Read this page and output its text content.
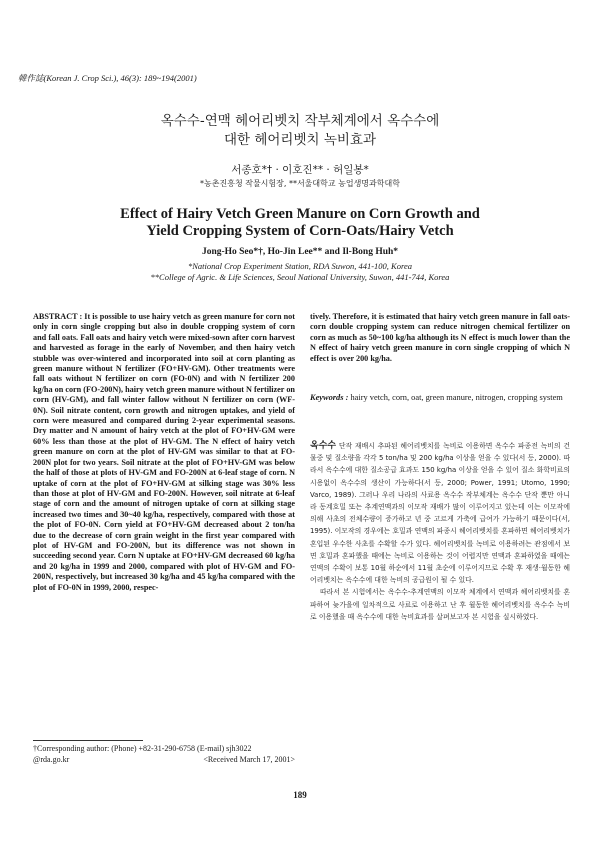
韓作誌(Korean J. Crop Sci.), 46(3): 189~194(2001)
옥수수-연맥 헤어리벳치 작부체계에서 옥수수에
대한 헤어리벳치 녹비효과
서종호*† · 이호진** · 허일봉*
*농촌진흥청 작물시험장, **서울대학교 농업생명과학대학
Effect of Hairy Vetch Green Manure on Corn Growth and
Yield Cropping System of Corn-Oats/Hairy Vetch
Jong-Ho Seo*†, Ho-Jin Lee** and Il-Bong Huh*
*National Crop Experiment Station, RDA Suwon, 441-100, Korea
**College of Agric. & Life Sciences, Seoul National University, Suwon, 441-744, Korea

ABSTRACT : It is possible to use hairy vetch as green manure for corn not only in corn single cropping but also in double cropping system of corn and fall oats. Fall oats and hairy vetch were mixed-sown after corn harvest and harvested as forage in the early of November, and then hairy vetch stubble was over-wintered and incorporated into soil at corn planting as green manure without N fertilizer (FO+HV-GM). Other treatments were fall oats without N fertilizer on corn (FO-0N) and with N fertilizer 200 kg/ha on corn (FO-200N), hairy vetch green manure without N fertilizer on corn (HV-GM), and fall winter fallow without N fertilizer on corn (WF-0N). Soil nitrate content, corn growth and nitrogen uptakes, and yield of corn were measured and compared during 2-year experimental seasons. Dry matter and N amount of hairy vetch at the plot of FO+HV-GM were 60% less than those at the plot of HV-GM. The N effect of hairy vetch green manure on corn at the plot of HV-GM was similar to that at FO-200N plot for two years. Soil nitrate at the plot of FO+HV-GM was below the half of those at plots of HV-GM and FO-200N at 6-leaf stage of corn. N uptake of corn at the plot of FO+HV-GM at silking stage was 30% less than those at plot of HV-GM and FO-200N. However, soil nitrate at 6-leaf stage of corn and the amount of nitrogen uptake of corn at silking stage increased two times and 30~40 kg/ha, respectively, compared with those at the plot of FO-0N. Corn yield at FO+HV-GM decreased about 2 ton/ha due to the decrease of corn grain weight in the first year compared with plot of HV-GM and FO-200N, but its difference was not shown in succeeding second year. Corn N uptake at FO+HV-GM decreased 60 kg/ha and 20 kg/ha in 1999 and 2000, compared with plot of HV-GM and FO-200N, respectively, but increased 30 kg/ha and 45 kg/ha compared with the plot of FO-0N in 1999, 2000, respec-

tively. Therefore, it is estimated that hairy vetch green manure in fall oats-corn double cropping system can reduce nitrogen chemical fertilizer on corn as much as 50~100 kg/ha although its N effect is much lower than the N effect of hairy vetch green manure in corn single cropping of which N effect is over 200 kg/ha.

Keywords : hairy vetch, corn, oat, green manure, nitrogen, cropping system

옥수수 단작 재배시 추파된 헤어리벳치를 녹비로 이용하면 옥수수 파종전 녹비의 건물중 및 질소량을 각각 5 ton/ha 및 200 kg/ha 이상을 얻을 수 있다(서 등, 2000). 따라서 옥수수에 대한 질소공급 효과도 150 kg/ha 이상을 얻을 수 있어 질소 화학비료의 시용없이 옥수수의 생산이 가능하다(서 등, 2000; Power, 1991; Utomo, 1990; Varco, 1989). 그러나 우리 나라의 사료용 옥수수 작부체계는 옥수수 단작 뿐만 아니라 동계호밀 또는 추계연맥과의 이모작 재배가 많이 이루어지고 있는데 이는 이모작에 의해 사초의 전체수량이 증가하고 년 중 고르게 가축에 급여가 가능하기 때문이다(서, 1995). 이모작의 경우에는 호밀과 연맥의 파종시 헤어리벳치를 혼파하면 헤어리벳치가 혼입된 우수한 사초를 수확할 수가 있다. 헤어리벳치를 녹비로 이용하려는 관점에서 보면 호밀과 혼파했을 때에는 녹비로 이용하는 것이 어렵지만 연맥과 혼파하였을 때에는 연맥의 수확이 보통 10월 하순에서 11월 초순에 이루어지므로 수확 후 재생·월동한 헤어리벳치는 옥수수에 대한 녹비의 공급원이 될 수 있다.

따라서 본 시험에서는 옥수수-추계연맥의 이모작 체계에서 연맥과 헤어리벳치를 혼파하여 늦가을에 일차적으로 사료로 이용하고 난 후 월동한 헤어리벳치를 옥수수 녹비로 이용했을 때 옥수수에 대한 녹비효과를 살펴보고자 본 시험을 실시하였다.

†Corresponding author: (Phone) +82-31-290-6758 (E-mail) sjh3022
@rda.go.kr	<Received March 17, 2001>
189
